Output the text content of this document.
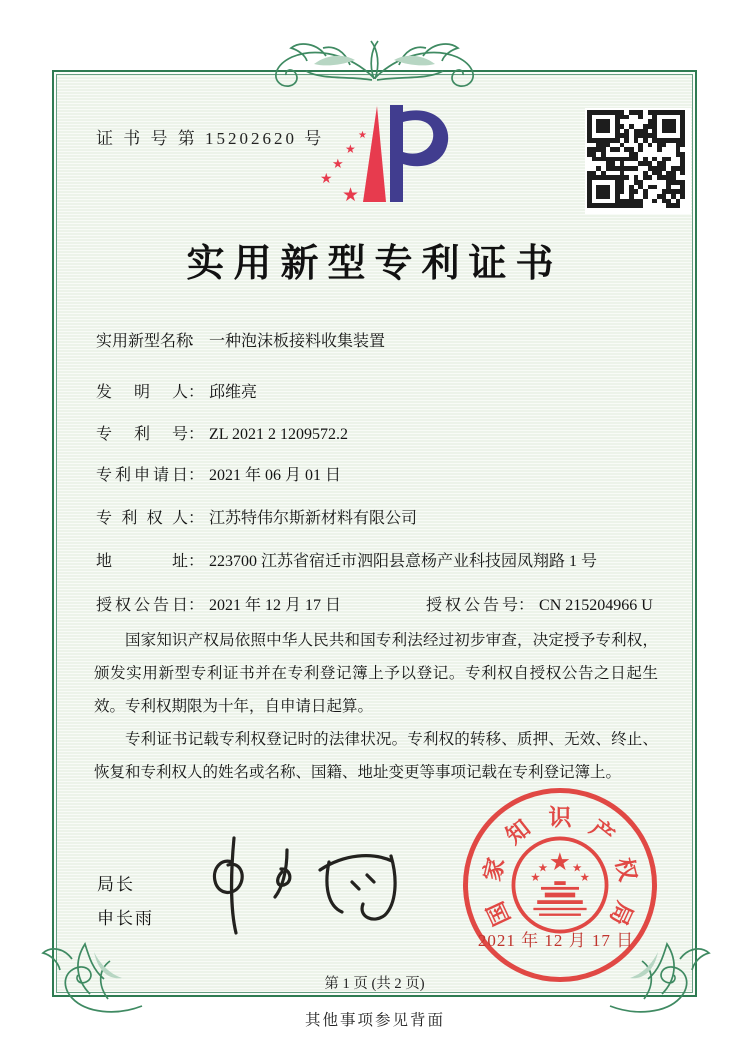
证 书 号 第 15202620 号	★
★
★
★
★
实用新型专利证书
实用新型名称： 一种泡沫板接料收集装置
发明人： 邱维亮
专利号： ZL 2021 2 1209572.2
专利申请日： 2021 年 06 月 01 日
专利权人： 江苏特伟尔斯新材料有限公司
地址： 223700 江苏省宿迁市泗阳县意杨产业科技园凤翔路 1 号
授权公告日： 2021 年 12 月 17 日	授权公告号： CN 215204966 U

国家知识产权局依照中华人民共和国专利法经过初步审查，决定授予专利权，颁发实用新型专利证书并在专利登记簿上予以登记。专利权自授权公告之日起生效。专利权期限为十年，自申请日起算。

专利证书记载专利权登记时的法律状况。专利权的转移、质押、无效、终止、恢复和专利权人的姓名或名称、国籍、地址变更等事项记载在专利登记簿上。

局长
申长雨
★
★
★
★
★
国
家
知 识 产
权
局
2021 年 12 月 17 日
第 1 页 (共 2 页)
其他事项参见背面
